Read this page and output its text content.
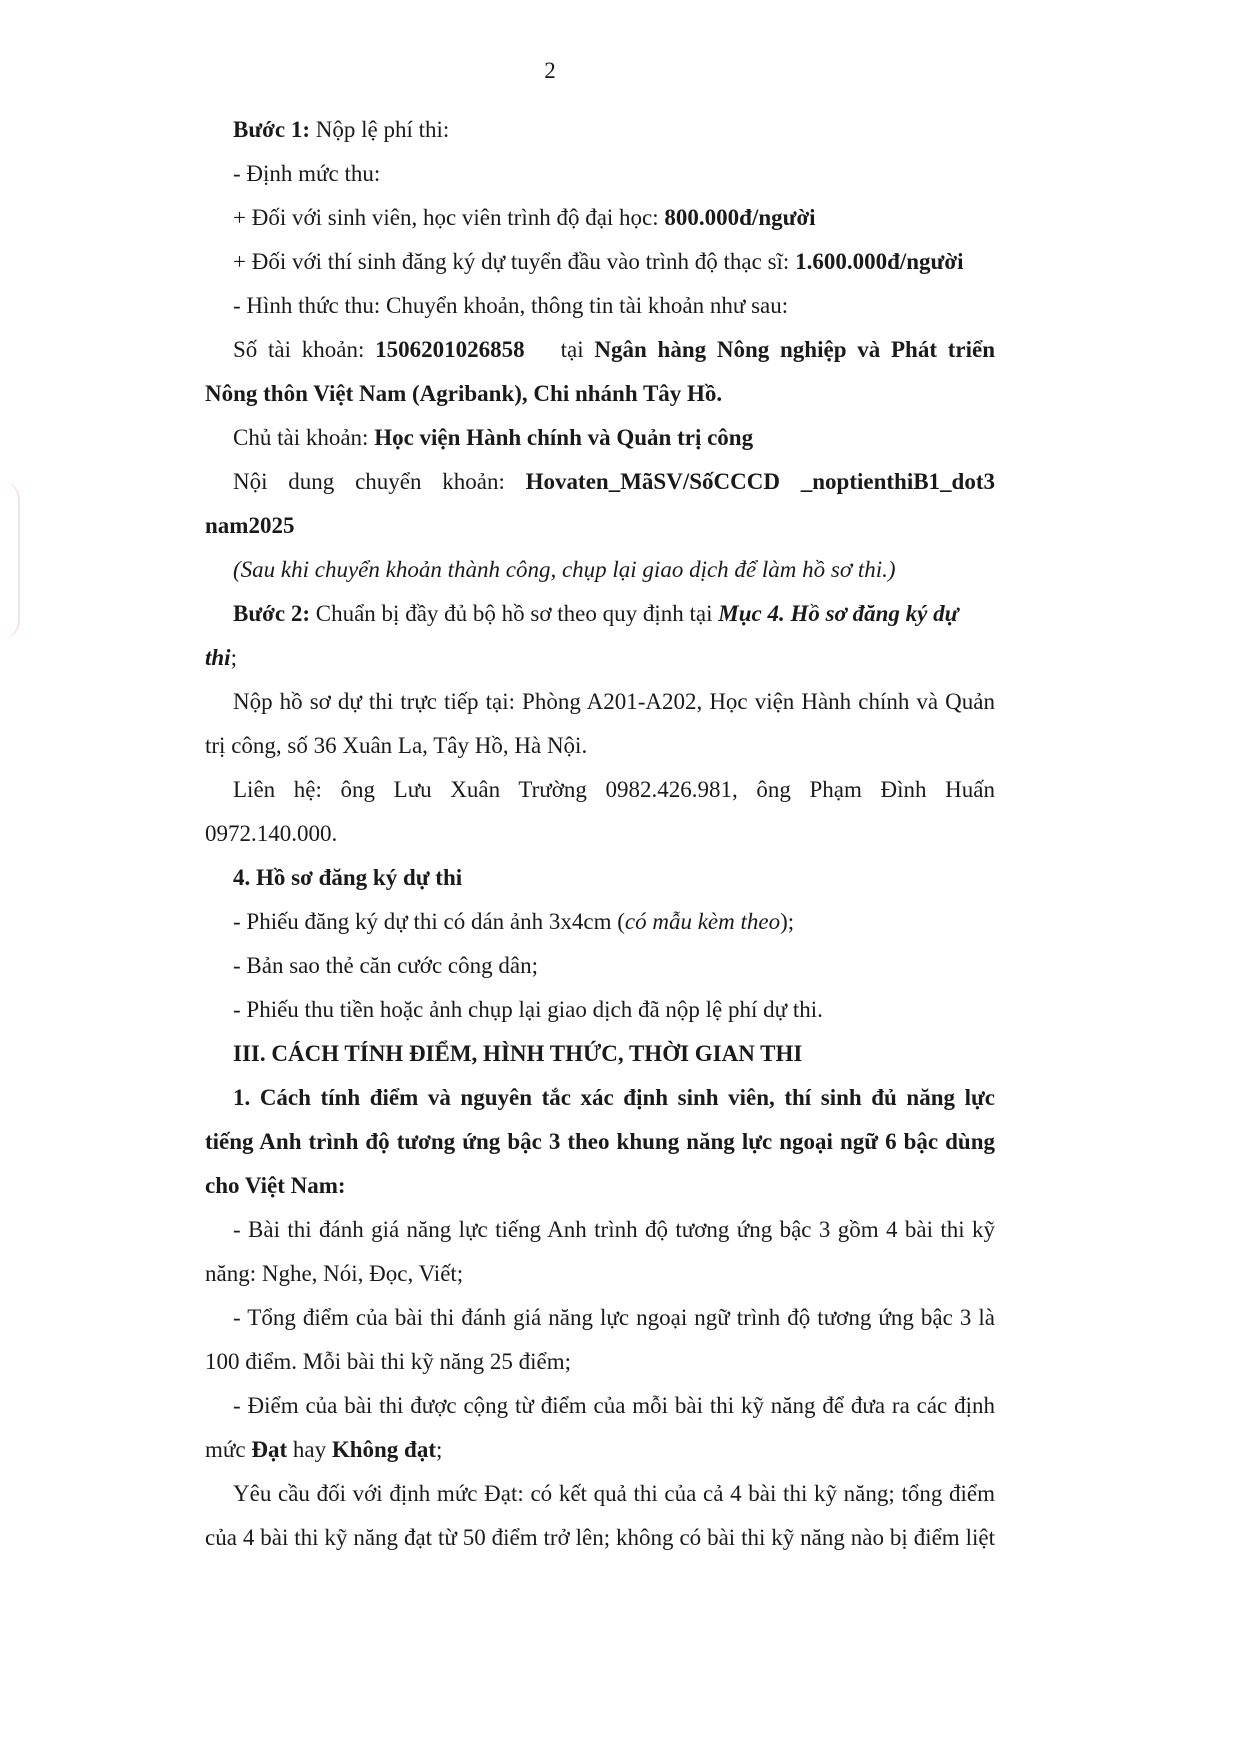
2

Bước 1: Nộp lệ phí thi:

- Định mức thu:

+ Đối với sinh viên, học viên trình độ đại học: 800.000đ/người

+ Đối với thí sinh đăng ký dự tuyển đầu vào trình độ thạc sĩ: 1.600.000đ/người

- Hình thức thu: Chuyển khoản, thông tin tài khoản như sau:

Số tài khoản: 1506201026858 tại Ngân hàng Nông nghiệp và Phát triển

Nông thôn Việt Nam (Agribank), Chi nhánh Tây Hồ.

Chủ tài khoản: Học viện Hành chính và Quản trị công

Nội dung chuyển khoản: Hovaten_MãSV/SốCCCD _noptienthiB1_dot3

nam2025

(Sau khi chuyển khoản thành công, chụp lại giao dịch để làm hồ sơ thi.)

Bước 2: Chuẩn bị đầy đủ bộ hồ sơ theo quy định tại Mục 4. Hồ sơ đăng ký dự thi;

Nộp hồ sơ dự thi trực tiếp tại: Phòng A201-A202, Học viện Hành chính và Quản

trị công, số 36 Xuân La, Tây Hồ, Hà Nội.

Liên hệ: ông Lưu Xuân Trường 0982.426.981, ông Phạm Đình Huấn

0972.140.000.

4. Hồ sơ đăng ký dự thi

- Phiếu đăng ký dự thi có dán ảnh 3x4cm (có mẫu kèm theo);

- Bản sao thẻ căn cước công dân;

- Phiếu thu tiền hoặc ảnh chụp lại giao dịch đã nộp lệ phí dự thi.

III. CÁCH TÍNH ĐIỂM, HÌNH THỨC, THỜI GIAN THI

1. Cách tính điểm và nguyên tắc xác định sinh viên, thí sinh đủ năng lực

tiếng Anh trình độ tương ứng bậc 3 theo khung năng lực ngoại ngữ 6 bậc dùng

cho Việt Nam:

- Bài thi đánh giá năng lực tiếng Anh trình độ tương ứng bậc 3 gồm 4 bài thi kỹ

năng: Nghe, Nói, Đọc, Viết;

- Tổng điểm của bài thi đánh giá năng lực ngoại ngữ trình độ tương ứng bậc 3 là

100 điểm. Mỗi bài thi kỹ năng 25 điểm;

- Điểm của bài thi được cộng từ điểm của mỗi bài thi kỹ năng để đưa ra các định

mức Đạt hay Không đạt;

Yêu cầu đối với định mức Đạt: có kết quả thi của cả 4 bài thi kỹ năng; tổng điểm

của 4 bài thi kỹ năng đạt từ 50 điểm trở lên; không có bài thi kỹ năng nào bị điểm liệt
